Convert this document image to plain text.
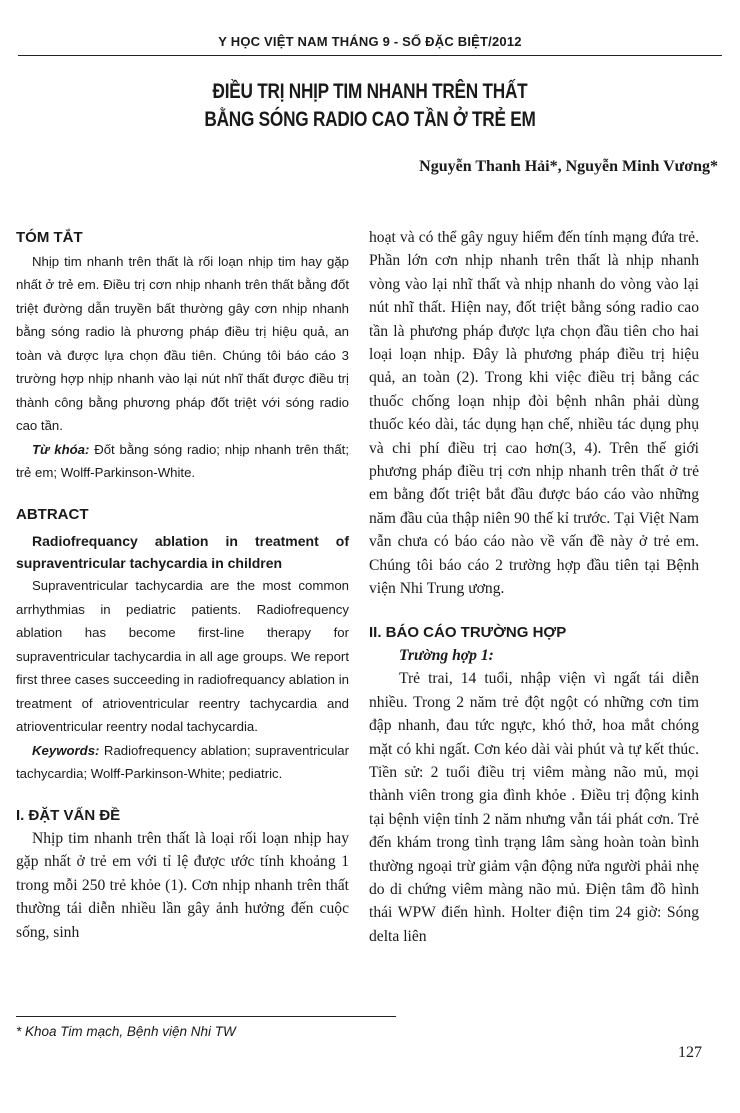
Y HỌC VIỆT NAM THÁNG 9 - SỐ ĐẶC BIỆT/2012
ĐIỀU TRỊ NHỊP TIM NHANH TRÊN THẤT
BẰNG SÓNG RADIO CAO TẦN Ở TRẺ EM
Nguyễn Thanh Hải*, Nguyễn Minh Vương*
TÓM TẮT

Nhịp tim nhanh trên thất là rối loạn nhịp tim hay gặp nhất ở trẻ em. Điều trị cơn nhịp nhanh trên thất bằng đốt triệt đường dẫn truyền bất thường gây cơn nhịp nhanh bằng sóng radio là phương pháp điều trị hiệu quả, an toàn và được lựa chọn đầu tiên. Chúng tôi báo cáo 3 trường hợp nhịp nhanh vào lại nút nhĩ thất được điều trị thành công bằng phương pháp đốt triệt với sóng radio cao tần.

Từ khóa: Đốt bằng sóng radio; nhịp nhanh trên thất; trẻ em; Wolff-Parkinson-White.

ABTRACT

Radiofrequancy ablation in treatment of supraventricular tachycardia in children

Supraventricular tachycardia are the most common arrhythmias in pediatric patients. Radiofrequency ablation has become first-line therapy for supraventricular tachycardia in all age groups. We report first three cases succeeding in radiofrequancy ablation in treatment of atrioventricular reentry tachycardia and atrioventricular reentry nodal tachycardia.

Keywords: Radiofrequency ablation; supraventricular tachycardia; Wolff-Parkinson-White; pediatric.

I. ĐẶT VẤN ĐỀ

Nhịp tim nhanh trên thất là loại rối loạn nhịp hay gặp nhất ở trẻ em với tỉ lệ được ước tính khoảng 1 trong mỗi 250 trẻ khỏe (1). Cơn nhịp nhanh trên thất thường tái diễn nhiều lần gây ảnh hưởng đến cuộc sống, sinh

hoạt và có thể gây nguy hiểm đến tính mạng đứa trẻ. Phần lớn cơn nhịp nhanh trên thất là nhịp nhanh vòng vào lại nhĩ thất và nhịp nhanh do vòng vào lại nút nhĩ thất. Hiện nay, đốt triệt bằng sóng radio cao tần là phương pháp được lựa chọn đầu tiên cho hai loại loạn nhịp. Đây là phương pháp điều trị hiệu quả, an toàn (2). Trong khi việc điều trị bằng các thuốc chống loạn nhịp đòi bệnh nhân phải dùng thuốc kéo dài, tác dụng hạn chế, nhiều tác dụng phụ và chi phí điều trị cao hơn(3, 4). Trên thế giới phương pháp điều trị cơn nhịp nhanh trên thất ở trẻ em bằng đốt triệt bắt đầu được báo cáo vào những năm đầu của thập niên 90 thế kỉ trước. Tại Việt Nam vẫn chưa có báo cáo nào về vấn đề này ở trẻ em. Chúng tôi báo cáo 2 trường hợp đầu tiên tại Bệnh viện Nhi Trung ương.

II. BÁO CÁO TRƯỜNG HỢP

Trường hợp 1:

Trẻ trai, 14 tuổi, nhập viện vì ngất tái diễn nhiều. Trong 2 năm trẻ đột ngột có những cơn tim đập nhanh, đau tức ngực, khó thở, hoa mắt chóng mặt có khi ngất. Cơn kéo dài vài phút và tự kết thúc. Tiền sử: 2 tuổi điều trị viêm màng não mủ, mọi thành viên trong gia đình khỏe . Điều trị động kinh tại bệnh viện tỉnh 2 năm nhưng vẫn tái phát cơn. Trẻ đến khám trong tình trạng lâm sàng hoàn toàn bình thường ngoại trừ giảm vận động nửa người phải nhẹ do di chứng viêm màng não mủ. Điện tâm đồ hình thái WPW điển hình. Holter điện tim 24 giờ: Sóng delta liên

* Khoa Tim mạch, Bệnh viện Nhi TW
127
